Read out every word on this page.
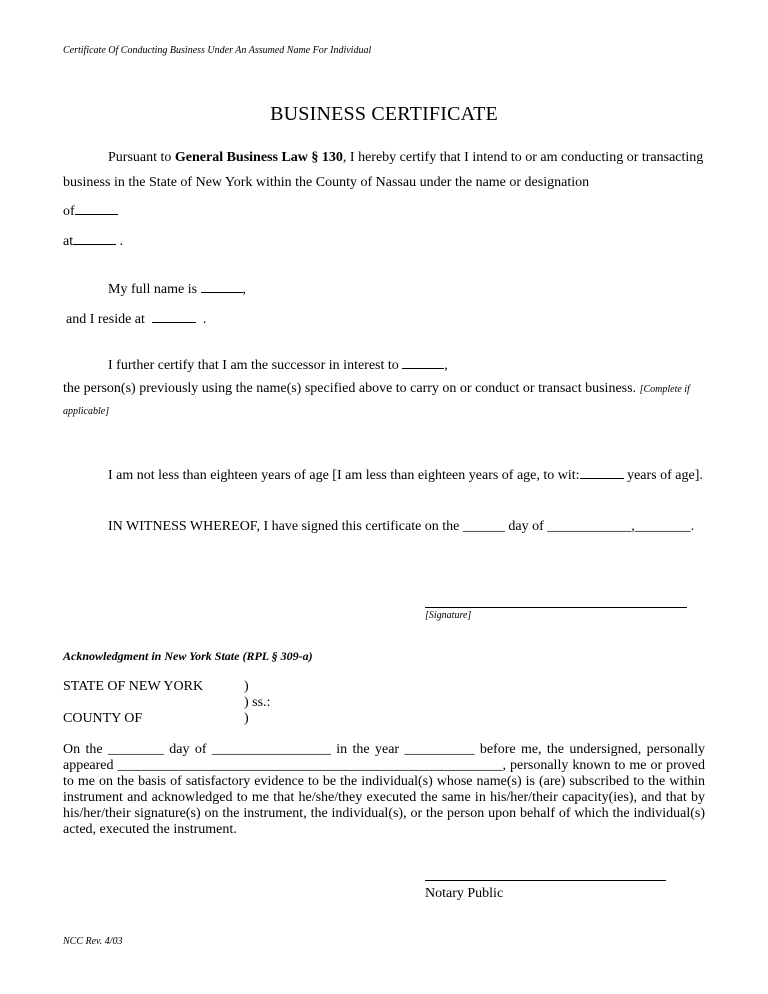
Certificate Of Conducting Business Under An Assumed Name For Individual
BUSINESS CERTIFICATE
Pursuant to General Business Law § 130, I hereby certify that I intend to or am conducting or transacting
business in the State of New York within the County of Nassau under the name or designation
of
at	.
My full name is	,
and I reside at	.
I further certify that I am the successor in interest to	,
the person(s) previously using the name(s) specified above to carry on or conduct or transact business. [Complete if
applicable]
I am not less than eighteen years of age [I am less than eighteen years of age, to wit:	years of age].
IN WITNESS WHEREOF, I have signed this certificate on the ______ day of ____________,________.
[Signature]
Acknowledgment in New York State (RPL § 309-a)
STATE OF NEW YORK	)
) ss.:
COUNTY OF	)
On the ________ day of _________________ in the year __________ before me, the undersigned, personally appeared _______________________________________________________, personally known to me or proved to me on the basis of satisfactory evidence to be the individual(s) whose name(s) is (are) subscribed to the within instrument and acknowledged to me that he/she/they executed the same in his/her/their capacity(ies), and that by his/her/their signature(s) on the instrument, the individual(s), or the person upon behalf of which the individual(s) acted, executed the instrument.
Notary Public
NCC Rev. 4/03
